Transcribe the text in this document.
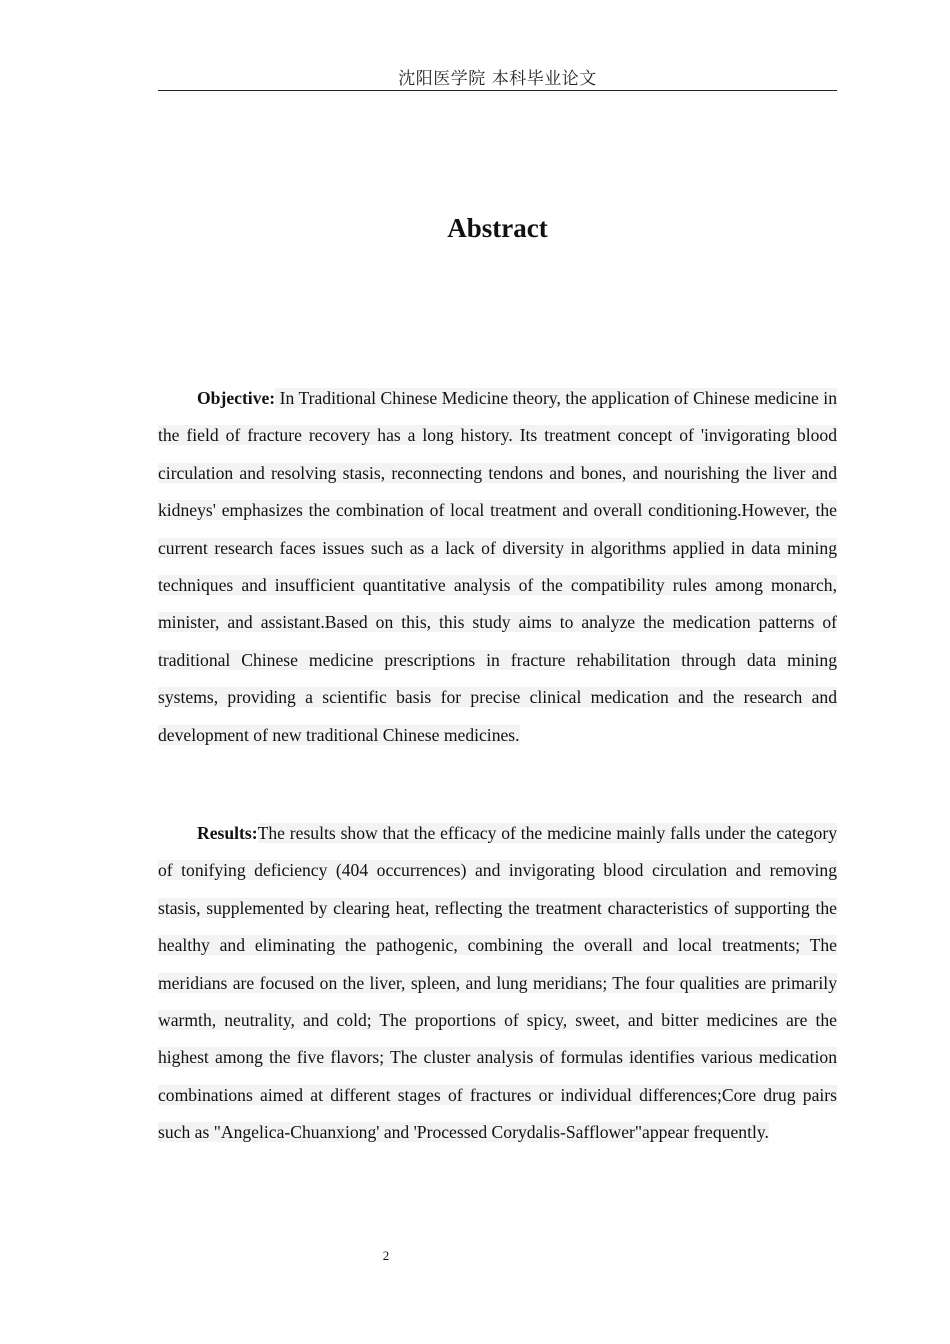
沈阳医学院 本科毕业论文
Abstract

Objective: In Traditional Chinese Medicine theory, the application of Chinese medicine in the field of fracture recovery has a long history. Its treatment concept of 'invigorating blood circulation and resolving stasis, reconnecting tendons and bones, and nourishing the liver and kidneys' emphasizes the combination of local treatment and overall conditioning.However, the current research faces issues such as a lack of diversity in algorithms applied in data mining techniques and insufficient quantitative analysis of the compatibility rules among monarch, minister, and assistant.Based on this, this study aims to analyze the medication patterns of traditional Chinese medicine prescriptions in fracture rehabilitation through data mining systems, providing a scientific basis for precise clinical medication and the research and development of new traditional Chinese medicines.

Results:The results show that the efficacy of the medicine mainly falls under the category of tonifying deficiency (404 occurrences) and invigorating blood circulation and removing stasis, supplemented by clearing heat, reflecting the treatment characteristics of supporting the healthy and eliminating the pathogenic, combining the overall and local treatments; The meridians are focused on the liver, spleen, and lung meridians; The four qualities are primarily warmth, neutrality, and cold; The proportions of spicy, sweet, and bitter medicines are the highest among the five flavors; The cluster analysis of formulas identifies various medication combinations aimed at different stages of fractures or individual differences;Core drug pairs such as "Angelica-Chuanxiong' and 'Processed Corydalis-Safflower"appear frequently.

2
